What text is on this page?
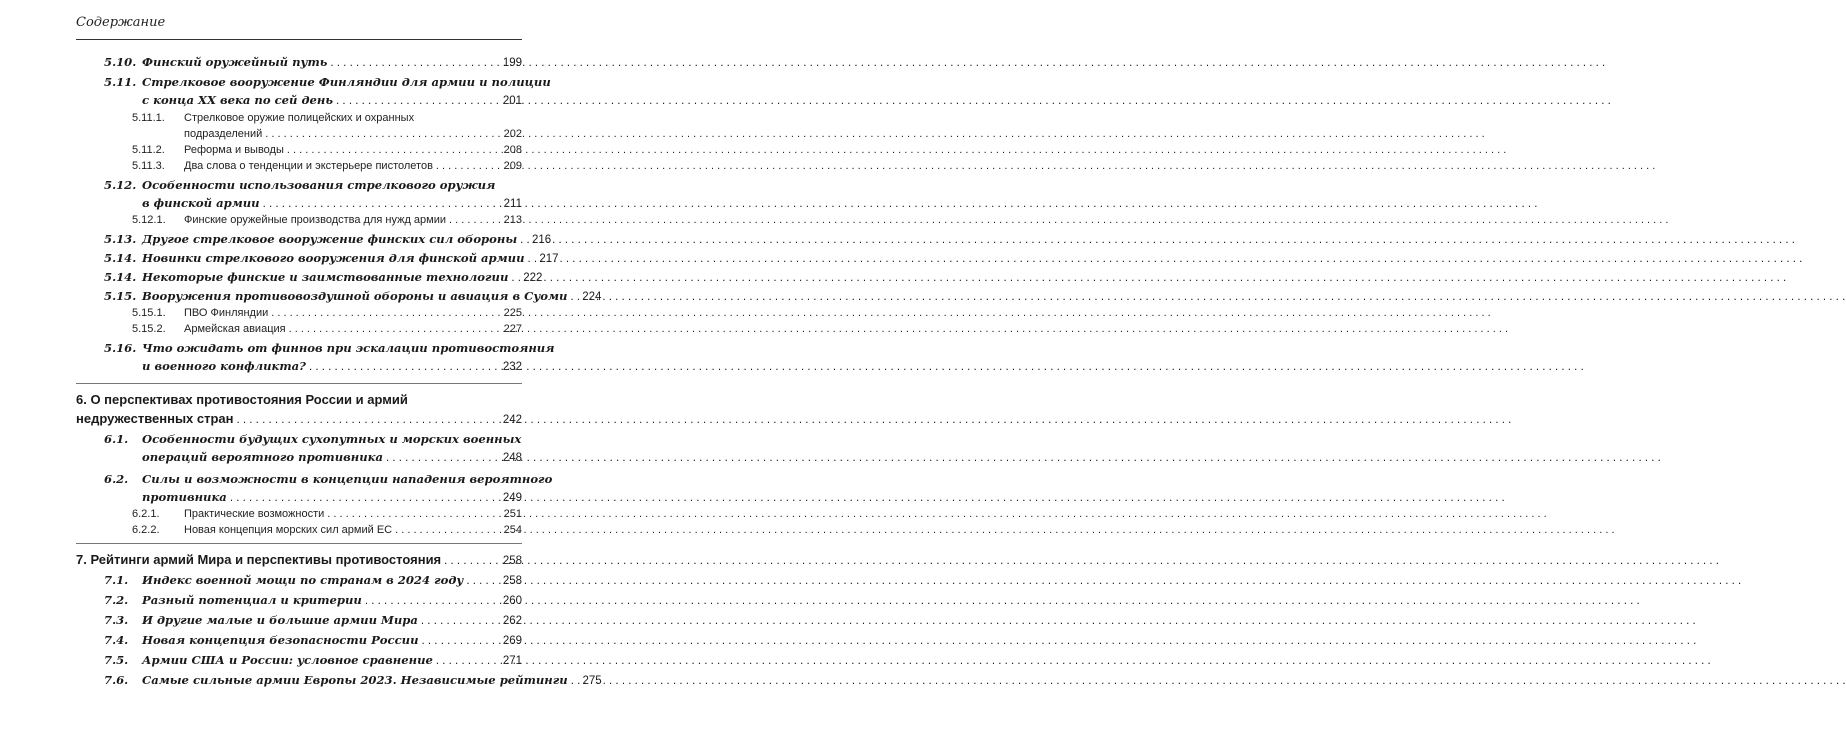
Содержание
5.10. Финский оружейный путь . . .	199
5.11. Стрелковое вооружение Финляндии для армии и полиции
с конца XX века по сей день . . .	201
5.11.1. Стрелковое оружие полицейских и охранных
подразделений . . .	202
5.11.2. Реформа и выводы . . .	208
5.11.3. Два слова о тенденции и экстерьере пистолетов . . .	209
5.12. Особенности использования стрелкового оружия
в финской армии . . .	211
5.12.1. Финские оружейные производства для нужд армии . . .	213
5.13. Другое стрелковое вооружение финских сил обороны . . . 216
5.14. Новинки стрелкового вооружения для финской армии . . . 217
5.14. Некоторые финские и заимствованные технологии . . . 222
5.15. Вооружения противовоздушной обороны и авиация в Суоми . . . 224
5.15.1. ПВО Финляндии . . .	225
5.15.2. Армейская авиация . . .	227
5.16. Что ожидать от финнов при эскалации противостояния
и военного конфликта? . . .	232
6. О перспективах противостояния России и армий
недружественных стран . . .	242
6.1. Особенности будущих сухопутных и морских военных
операций вероятного противника . . .	248
6.2. Силы и возможности в концепции нападения вероятного
противника . . .	249
6.2.1. Практические возможности . . .	251
6.2.2. Новая концепция морских сил армий ЕС . . .	254
7. Рейтинги армий Мира и перспективы противостояния . . .	258
7.1. Индекс военной мощи по странам в 2024 году . . .	258
7.2. Разный потенциал и критерии . . .	260
7.3. И другие малые и большие армии Мира . . .	262
7.4. Новая концепция безопасности России . . .	269
7.5. Армии США и России: условное сравнение . . .	271
7.6. Самые сильные армии Европы 2023. Независимые рейтинги . . . 275
